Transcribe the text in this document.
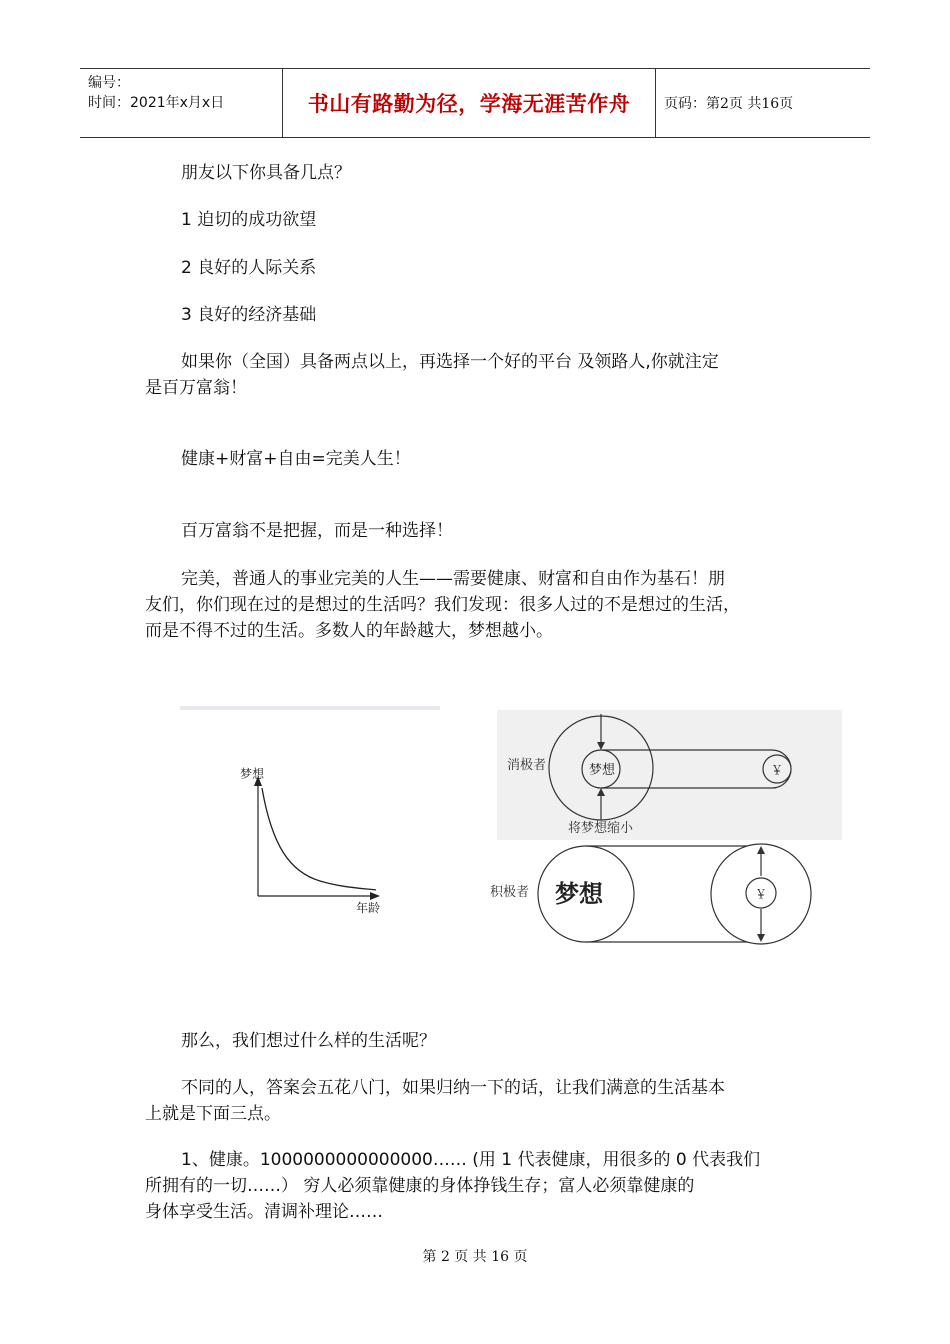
编号：
时间：2021年x月x日	书山有路勤为径，学海无涯苦作舟	页码：第2页 共16页
朋友以下你具备几点？
1 迫切的成功欲望
2 良好的人际关系
3 良好的经济基础
如果你（全国）具备两点以上，再选择一个好的平台 及领路人,你就注定
是百万富翁！
健康+财富+自由=完美人生！
百万富翁不是把握，而是一种选择！
完美，普通人的事业完美的人生——需要健康、财富和自由作为基石！朋
友们，你们现在过的是想过的生活吗？我们发现：很多人过的不是想过的生活，
而是不得不过的生活。多数人的年龄越大，梦想越小。
梦想
年龄
消极者	梦想	￥
将梦想缩小
积极者 梦想	￥
那么，我们想过什么样的生活呢？
不同的人，答案会五花八门，如果归纳一下的话，让我们满意的生活基本
上就是下面三点。
1、健康。1000000000000000…… (用 1 代表健康，用很多的 0 代表我们
所拥有的一切……） 穷人必须靠健康的身体挣钱生存；富人必须靠健康的
身体享受生活。清调补理论……
第 2 页 共 16 页
